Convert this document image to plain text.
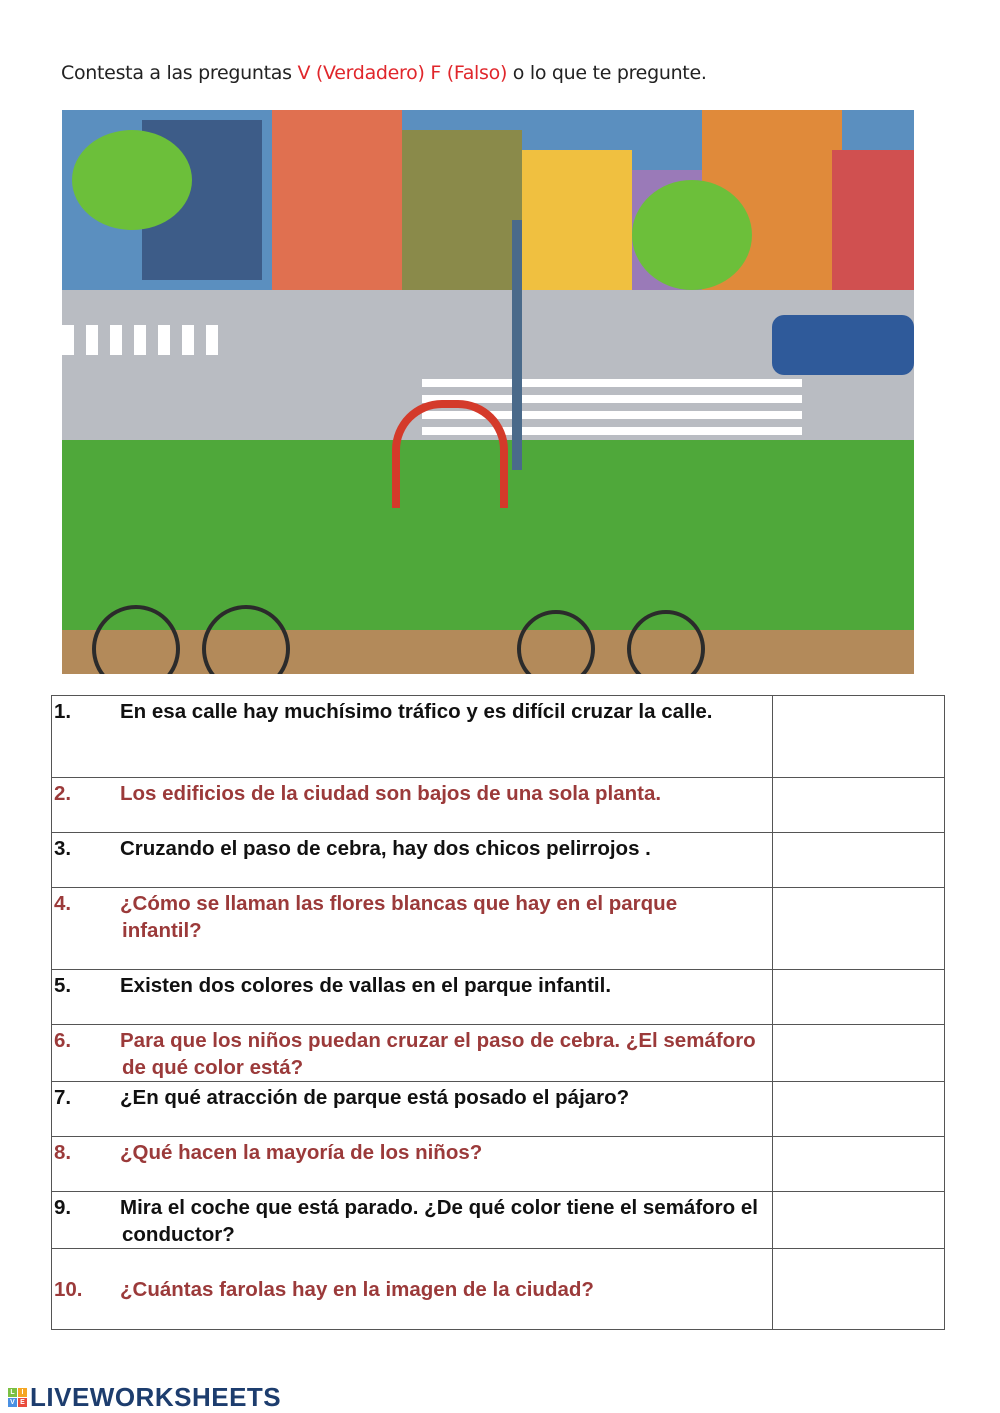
Contesta a las preguntas V (Verdadero) F (Falso) o lo que te pregunte.
1. En esa calle hay muchísimo tráfico y es difícil cruzar la calle.

2. Los edificios de la ciudad son bajos de una sola planta.

3. Cruzando el paso de cebra, hay dos chicos pelirrojos .

4. ¿Cómo se llaman las flores blancas que hay en el parque infantil?

5. Existen dos colores de vallas en el parque infantil.

6. Para que los niños puedan cruzar el paso de cebra. ¿El semáforo de qué color está?

7. ¿En qué atracción de parque está posado el pájaro?

8. ¿Qué hacen la mayoría de los niños?

9. Mira el coche que está parado. ¿De qué color tiene el semáforo el conductor?

10. ¿Cuántas farolas hay en la imagen de la ciudad?

L I
V E LIVEWORKSHEETS
